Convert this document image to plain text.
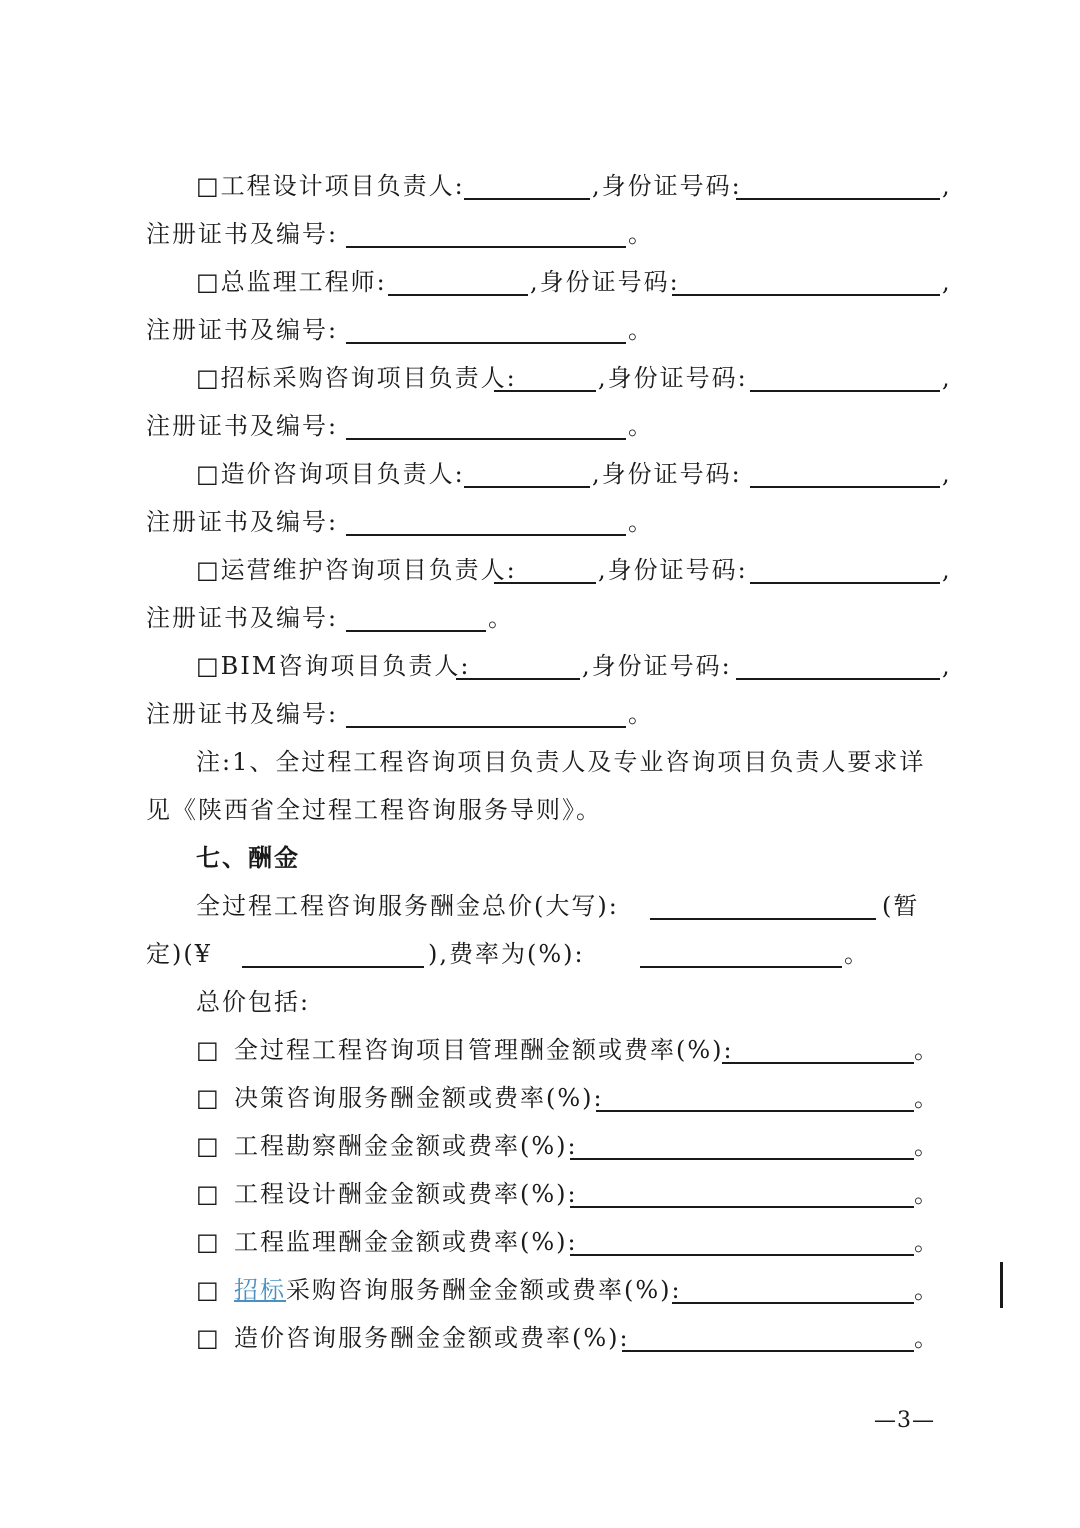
□工程设计项目负责人:	,身份证号码:	,
注册证书及编号:	。
□总监理工程师:	,身份证号码:	,
注册证书及编号:	。
□招标采购咨询项目负责人:	,身份证号码:	,
注册证书及编号:	。
□造价咨询项目负责人:	,身份证号码:	,
注册证书及编号:	。
□运营维护咨询项目负责人:	,身份证号码:	,
注册证书及编号:	。
□BIM咨询项目负责人:	,身份证号码:	,
注册证书及编号:	。
注:1、全过程工程咨询项目负责人及专业咨询项目负责人要求详
见《陕西省全过程工程咨询服务导则》。
七、酬金
全过程工程咨询服务酬金总价(大写):	(暂
定)(¥	),费率为(%):	。
总价包括:
□ 全过程工程咨询项目管理酬金额或费率(%):	。
□ 决策咨询服务酬金额或费率(%):	。
□ 工程勘察酬金金额或费率(%):	。
□ 工程设计酬金金额或费率(%):	。
□ 工程监理酬金金额或费率(%):	。
□ 招标 采购咨询服务酬金金额或费率(%):	。
□ 造价咨询服务酬金金额或费率(%):	。
—3—
